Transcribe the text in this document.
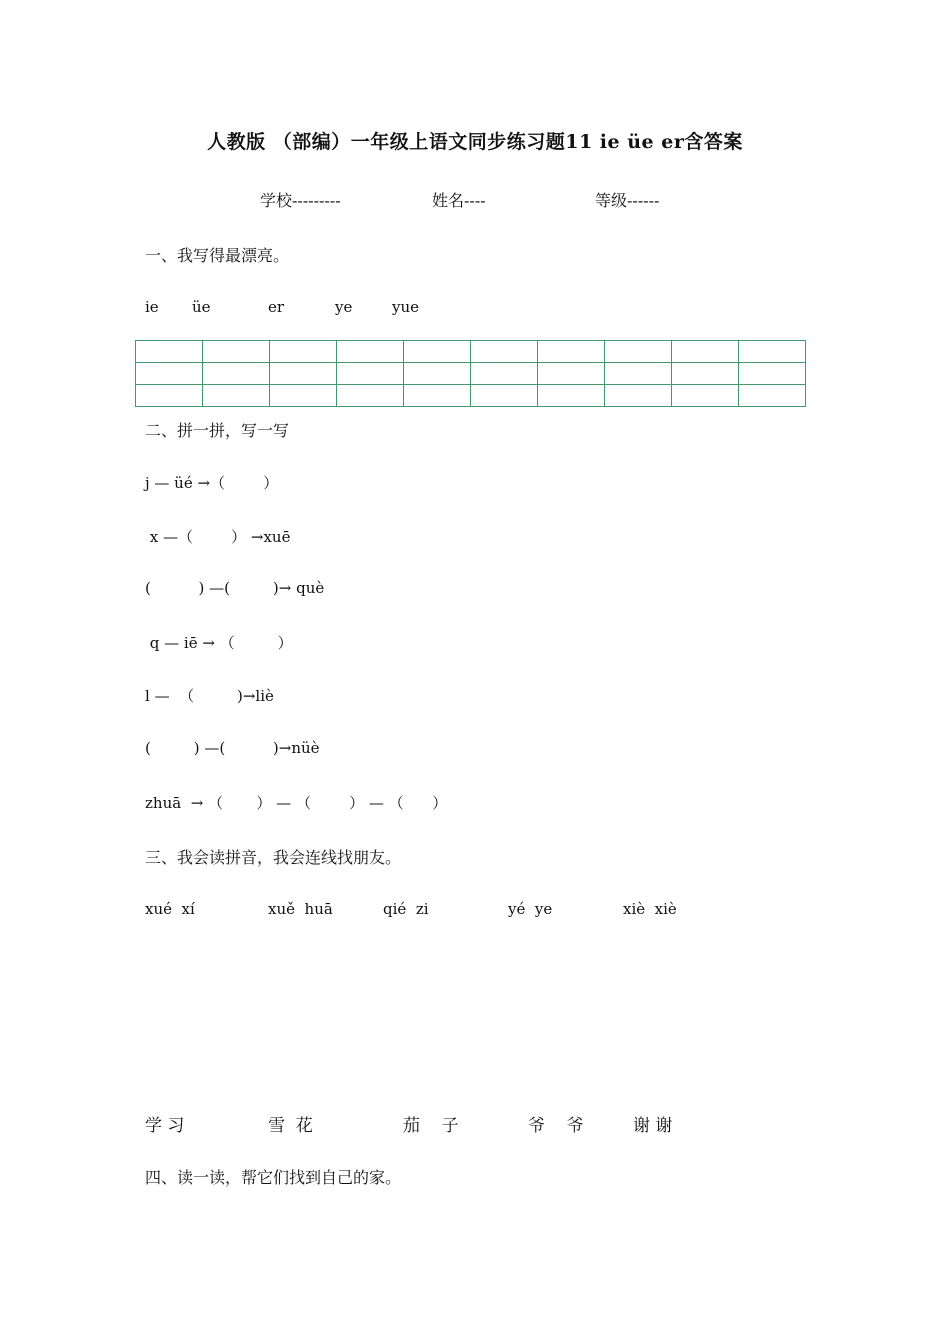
人教版 （部编）一年级上语文同步练习题11 ie üe er含答案
学校---------	姓名----	等级------
一、我写得最漂亮。
ie üe	er	ye	yue

二、拼一拼，写一写
j — üé →（        ）
x —（        ） →xuē
(          ) —(         )→ què
q — iē → （         ）
l —  （         )→liè
(         ) —(          )→nüè
zhuā  → （       ） — （        ） — （      ）
三、我会读拼音，我会连线找朋友。
xué  xí	xuě  huā	qié  zi	yé  ye	xiè  xiè
学 习	雪  花	茄    子	爷    爷	谢 谢
四、读一读，帮它们找到自己的家。
